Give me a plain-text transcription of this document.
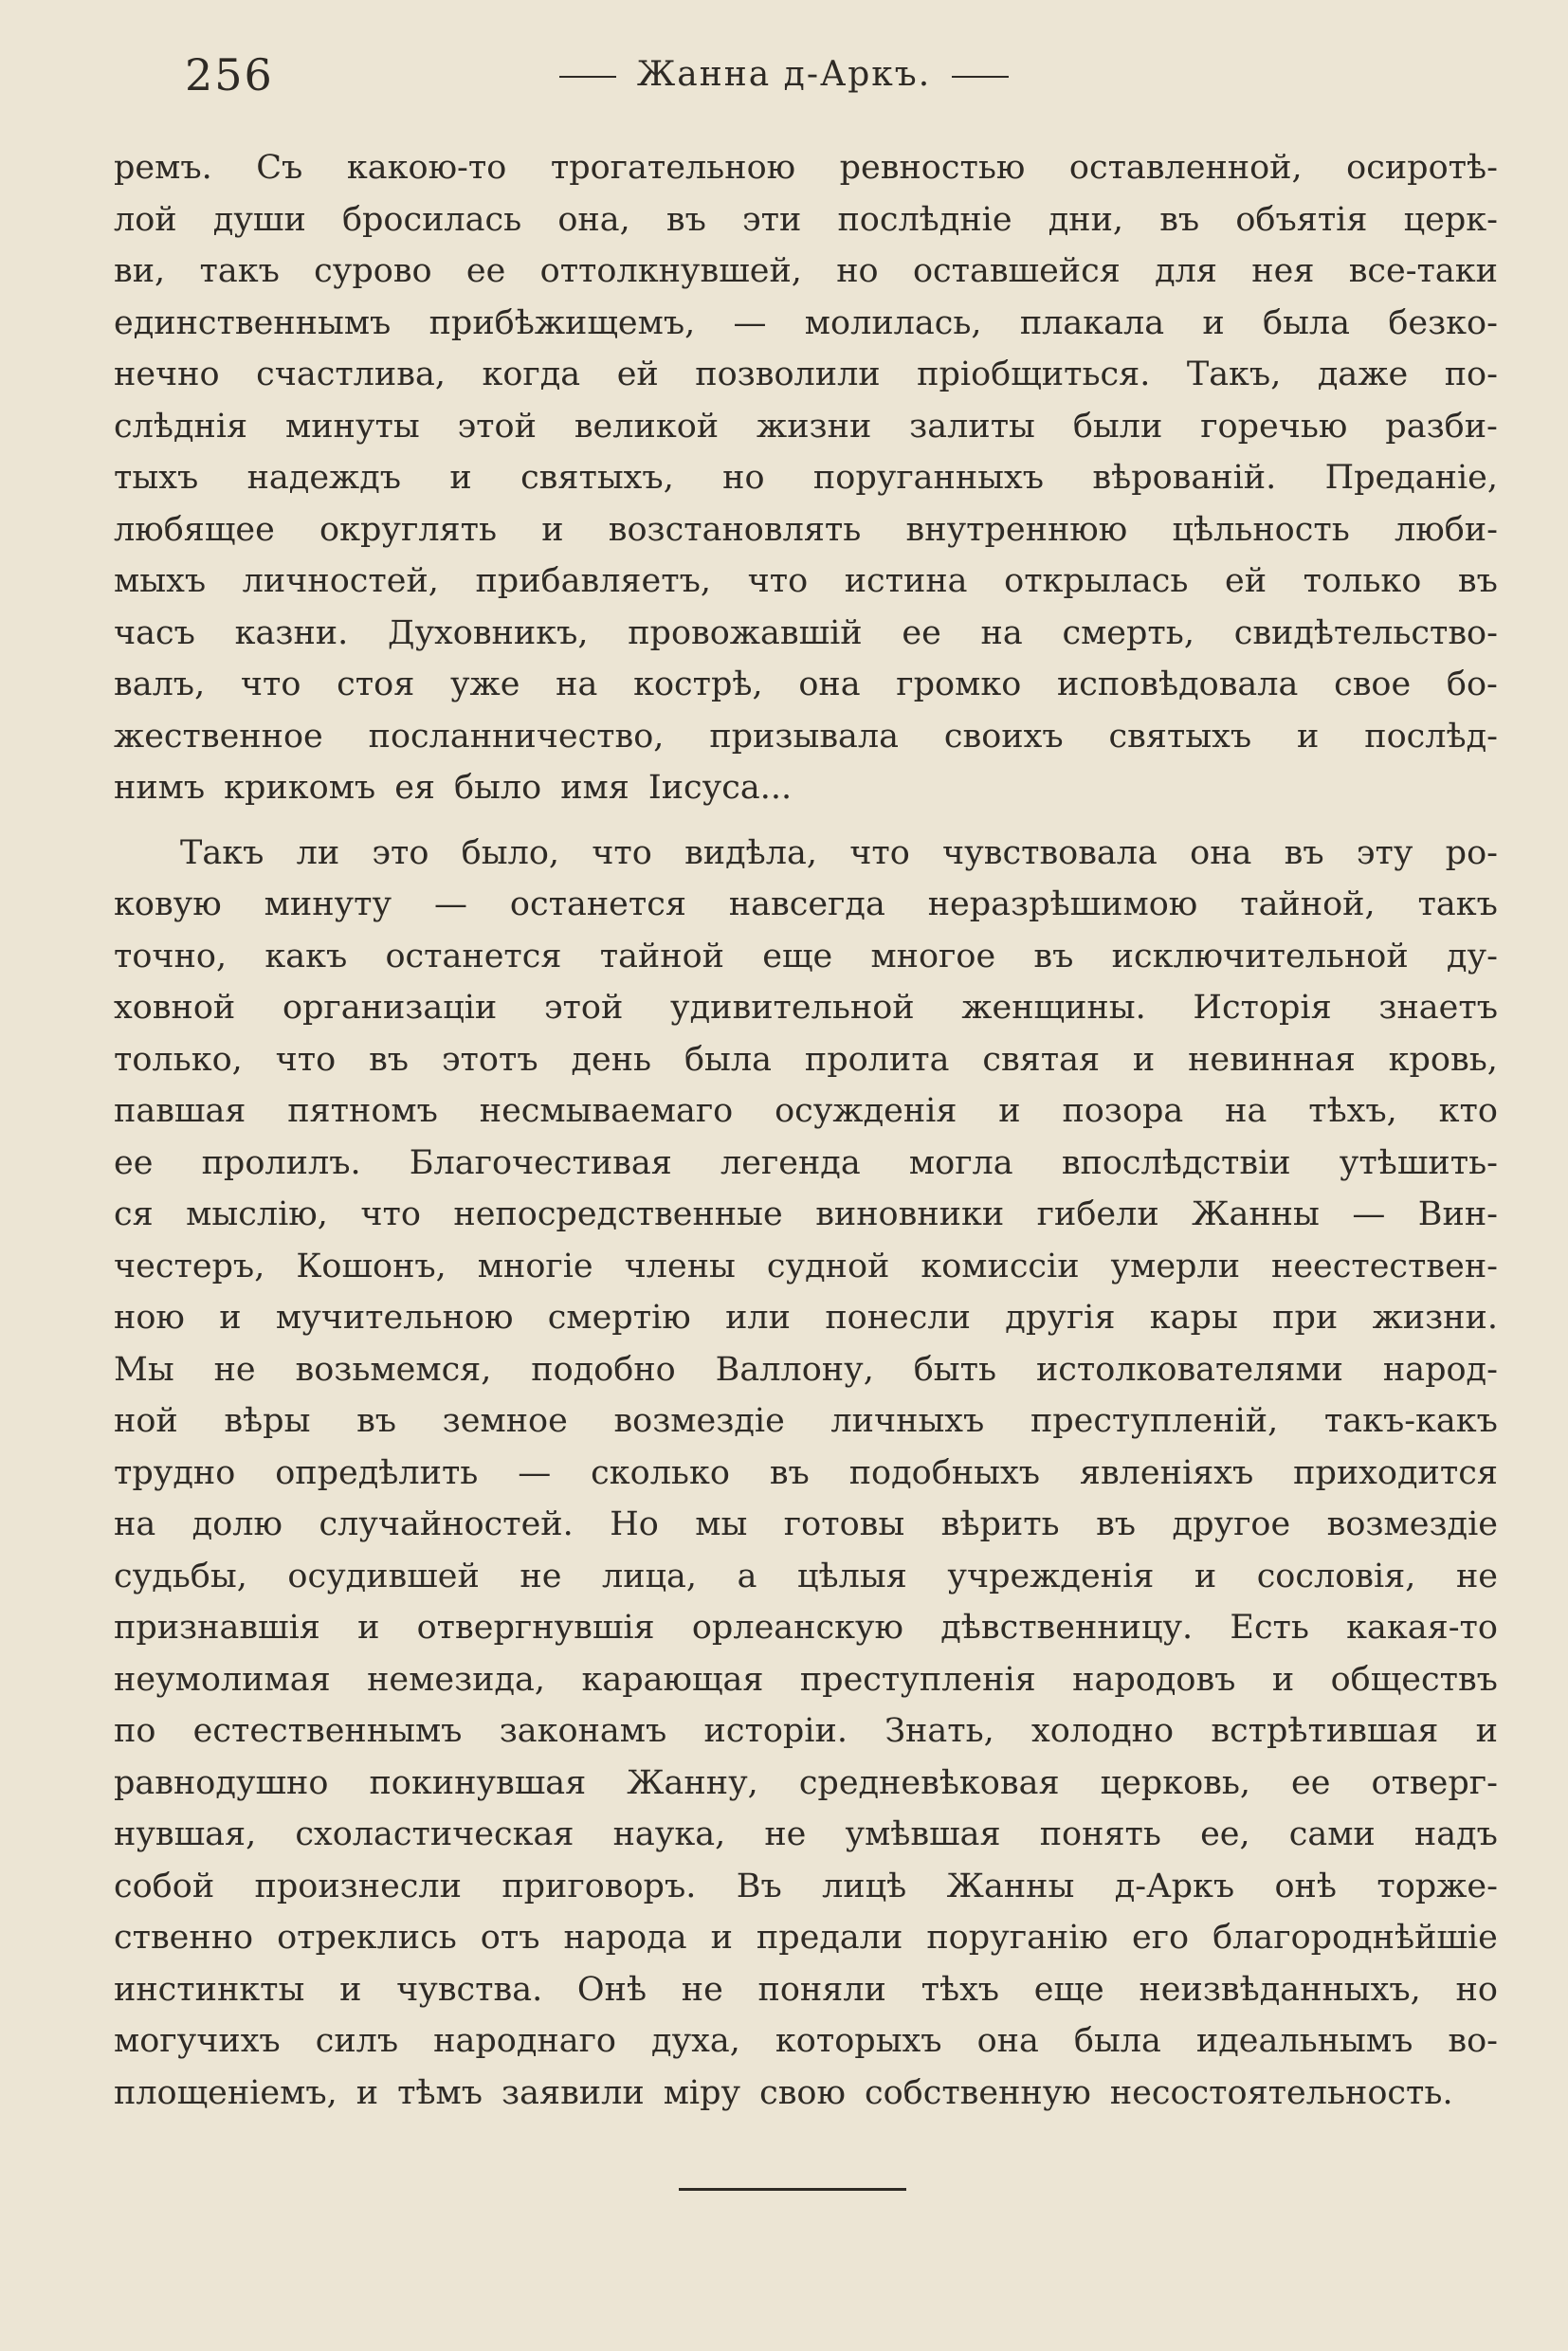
256	Жанна д-Аркъ.
ремъ. Съ какою-то трогательною ревностью оставленной, осиротѣ-
лой души бросилась она, въ эти послѣдніе дни, въ объятія церк-
ви, такъ сурово ее оттолкнувшей, но оставшейся для нея все-таки
единственнымъ прибѣжищемъ, — молилась, плакала и была безко-
нечно счастлива, когда ей позволили пріобщиться. Такъ, даже по-
слѣднія минуты этой великой жизни залиты были горечью разби-
тыхъ надеждъ и святыхъ, но поруганныхъ вѣрованій. Преданіе,
любящее округлять и возстановлять внутреннюю цѣльность люби-
мыхъ личностей, прибавляетъ, что истина открылась ей только въ
часъ казни. Духовникъ, провожавшій ее на смерть, свидѣтельство-
валъ, что стоя уже на кострѣ, она громко исповѣдовала свое бо-
жественное посланничество, призывала своихъ святыхъ и послѣд-
нимъ крикомъ ея было имя Іисуса...
Такъ ли это было, что видѣла, что чувствовала она въ эту ро-
ковую минуту — останется навсегда неразрѣшимою тайной, такъ
точно, какъ останется тайной еще многое въ исключительной ду-
ховной организаціи этой удивительной женщины. Исторія знаетъ
только, что въ этотъ день была пролита святая и невинная кровь,
павшая пятномъ несмываемаго осужденія и позора на тѣхъ, кто
ее пролилъ. Благочестивая легенда могла впослѣдствіи утѣшить-
ся мыслію, что непосредственные виновники гибели Жанны — Вин-
честеръ, Кошонъ, многіе члены судной комиссіи умерли неестествен-
ною и мучительною смертію или понесли другія кары при жизни.
Мы не возьмемся, подобно Валлону, быть истолкователями народ-
ной вѣры въ земное возмездіе личныхъ преступленій, такъ-какъ
трудно опредѣлить — сколько въ подобныхъ явленіяхъ приходится
на долю случайностей. Но мы готовы вѣрить въ другое возмездіе
судьбы, осудившей не лица, а цѣлыя учрежденія и сословія, не
признавшія и отвергнувшія орлеанскую дѣвственницу. Есть какая-то
неумолимая немезида, карающая преступленія народовъ и обществъ
по естественнымъ законамъ исторіи. Знать, холодно встрѣтившая и
равнодушно покинувшая Жанну, средневѣковая церковь, ее отверг-
нувшая, схоластическая наука, не умѣвшая понять ее, сами надъ
собой произнесли приговоръ. Въ лицѣ Жанны д-Аркъ онѣ торже-
ственно отреклись отъ народа и предали поруганію его благороднѣйшіе
инстинкты и чувства. Онѣ не поняли тѣхъ еще неизвѣданныхъ, но
могучихъ силъ народнаго духа, которыхъ она была идеальнымъ во-
площеніемъ, и тѣмъ заявили міру свою собственную несостоятельность.
